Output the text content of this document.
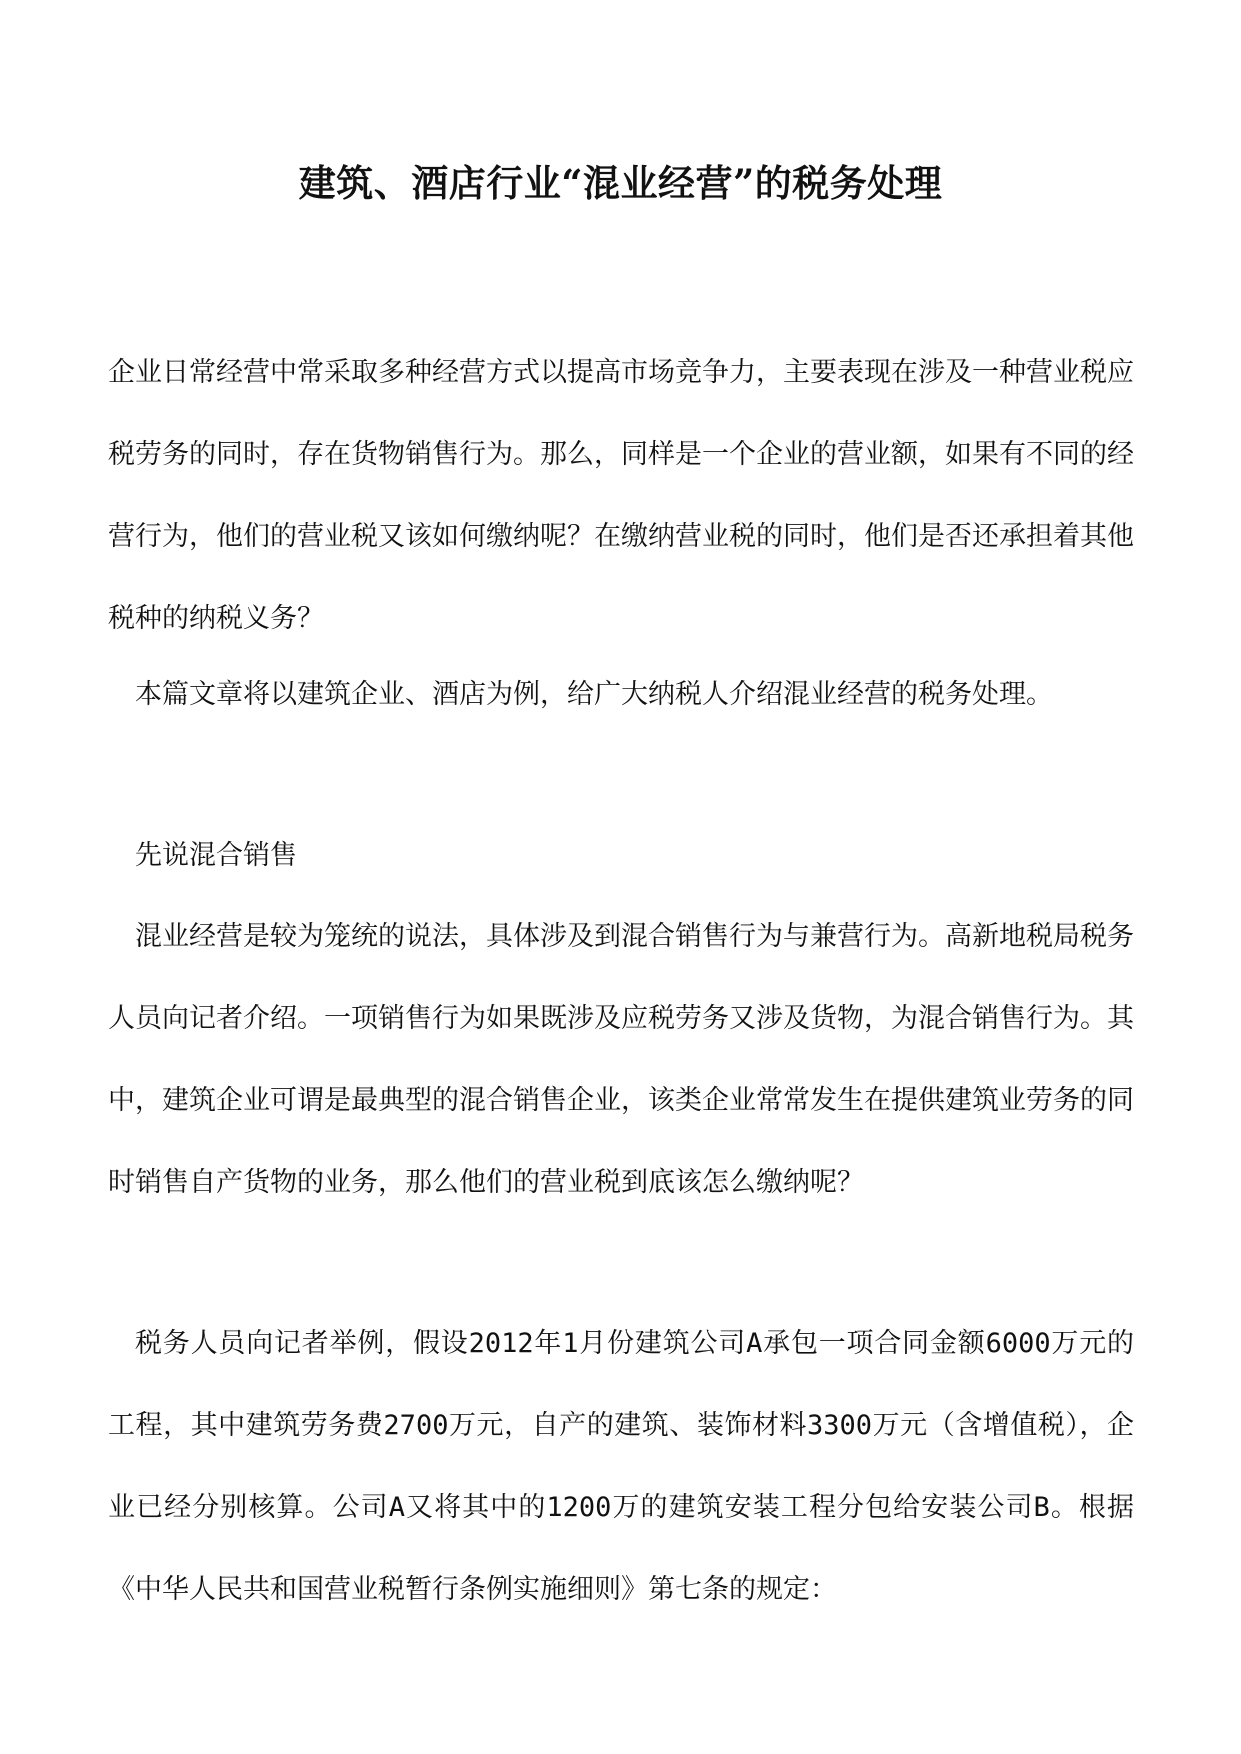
建筑、酒店行业“混业经营”的税务处理

企业日常经营中常采取多种经营方式以提高市场竞争力，主要表现在涉及一种营业税应税劳务的同时，存在货物销售行为。那么，同样是一个企业的营业额，如果有不同的经营行为，他们的营业税又该如何缴纳呢？在缴纳营业税的同时，他们是否还承担着其他税种的纳税义务？

本篇文章将以建筑企业、酒店为例，给广大纳税人介绍混业经营的税务处理。

先说混合销售

混业经营是较为笼统的说法，具体涉及到混合销售行为与兼营行为。高新地税局税务人员向记者介绍。一项销售行为如果既涉及应税劳务又涉及货物，为混合销售行为。其中，建筑企业可谓是最典型的混合销售企业，该类企业常常发生在提供建筑业劳务的同时销售自产货物的业务，那么他们的营业税到底该怎么缴纳呢？

税务人员向记者举例，假设2012年1月份建筑公司A承包一项合同金额6000万元的工程，其中建筑劳务费2700万元，自产的建筑、装饰材料3300万元（含增值税），企业已经分别核算。公司A又将其中的1200万的建筑安装工程分包给安装公司B。根据《中华人民共和国营业税暂行条例实施细则》第七条的规定：
